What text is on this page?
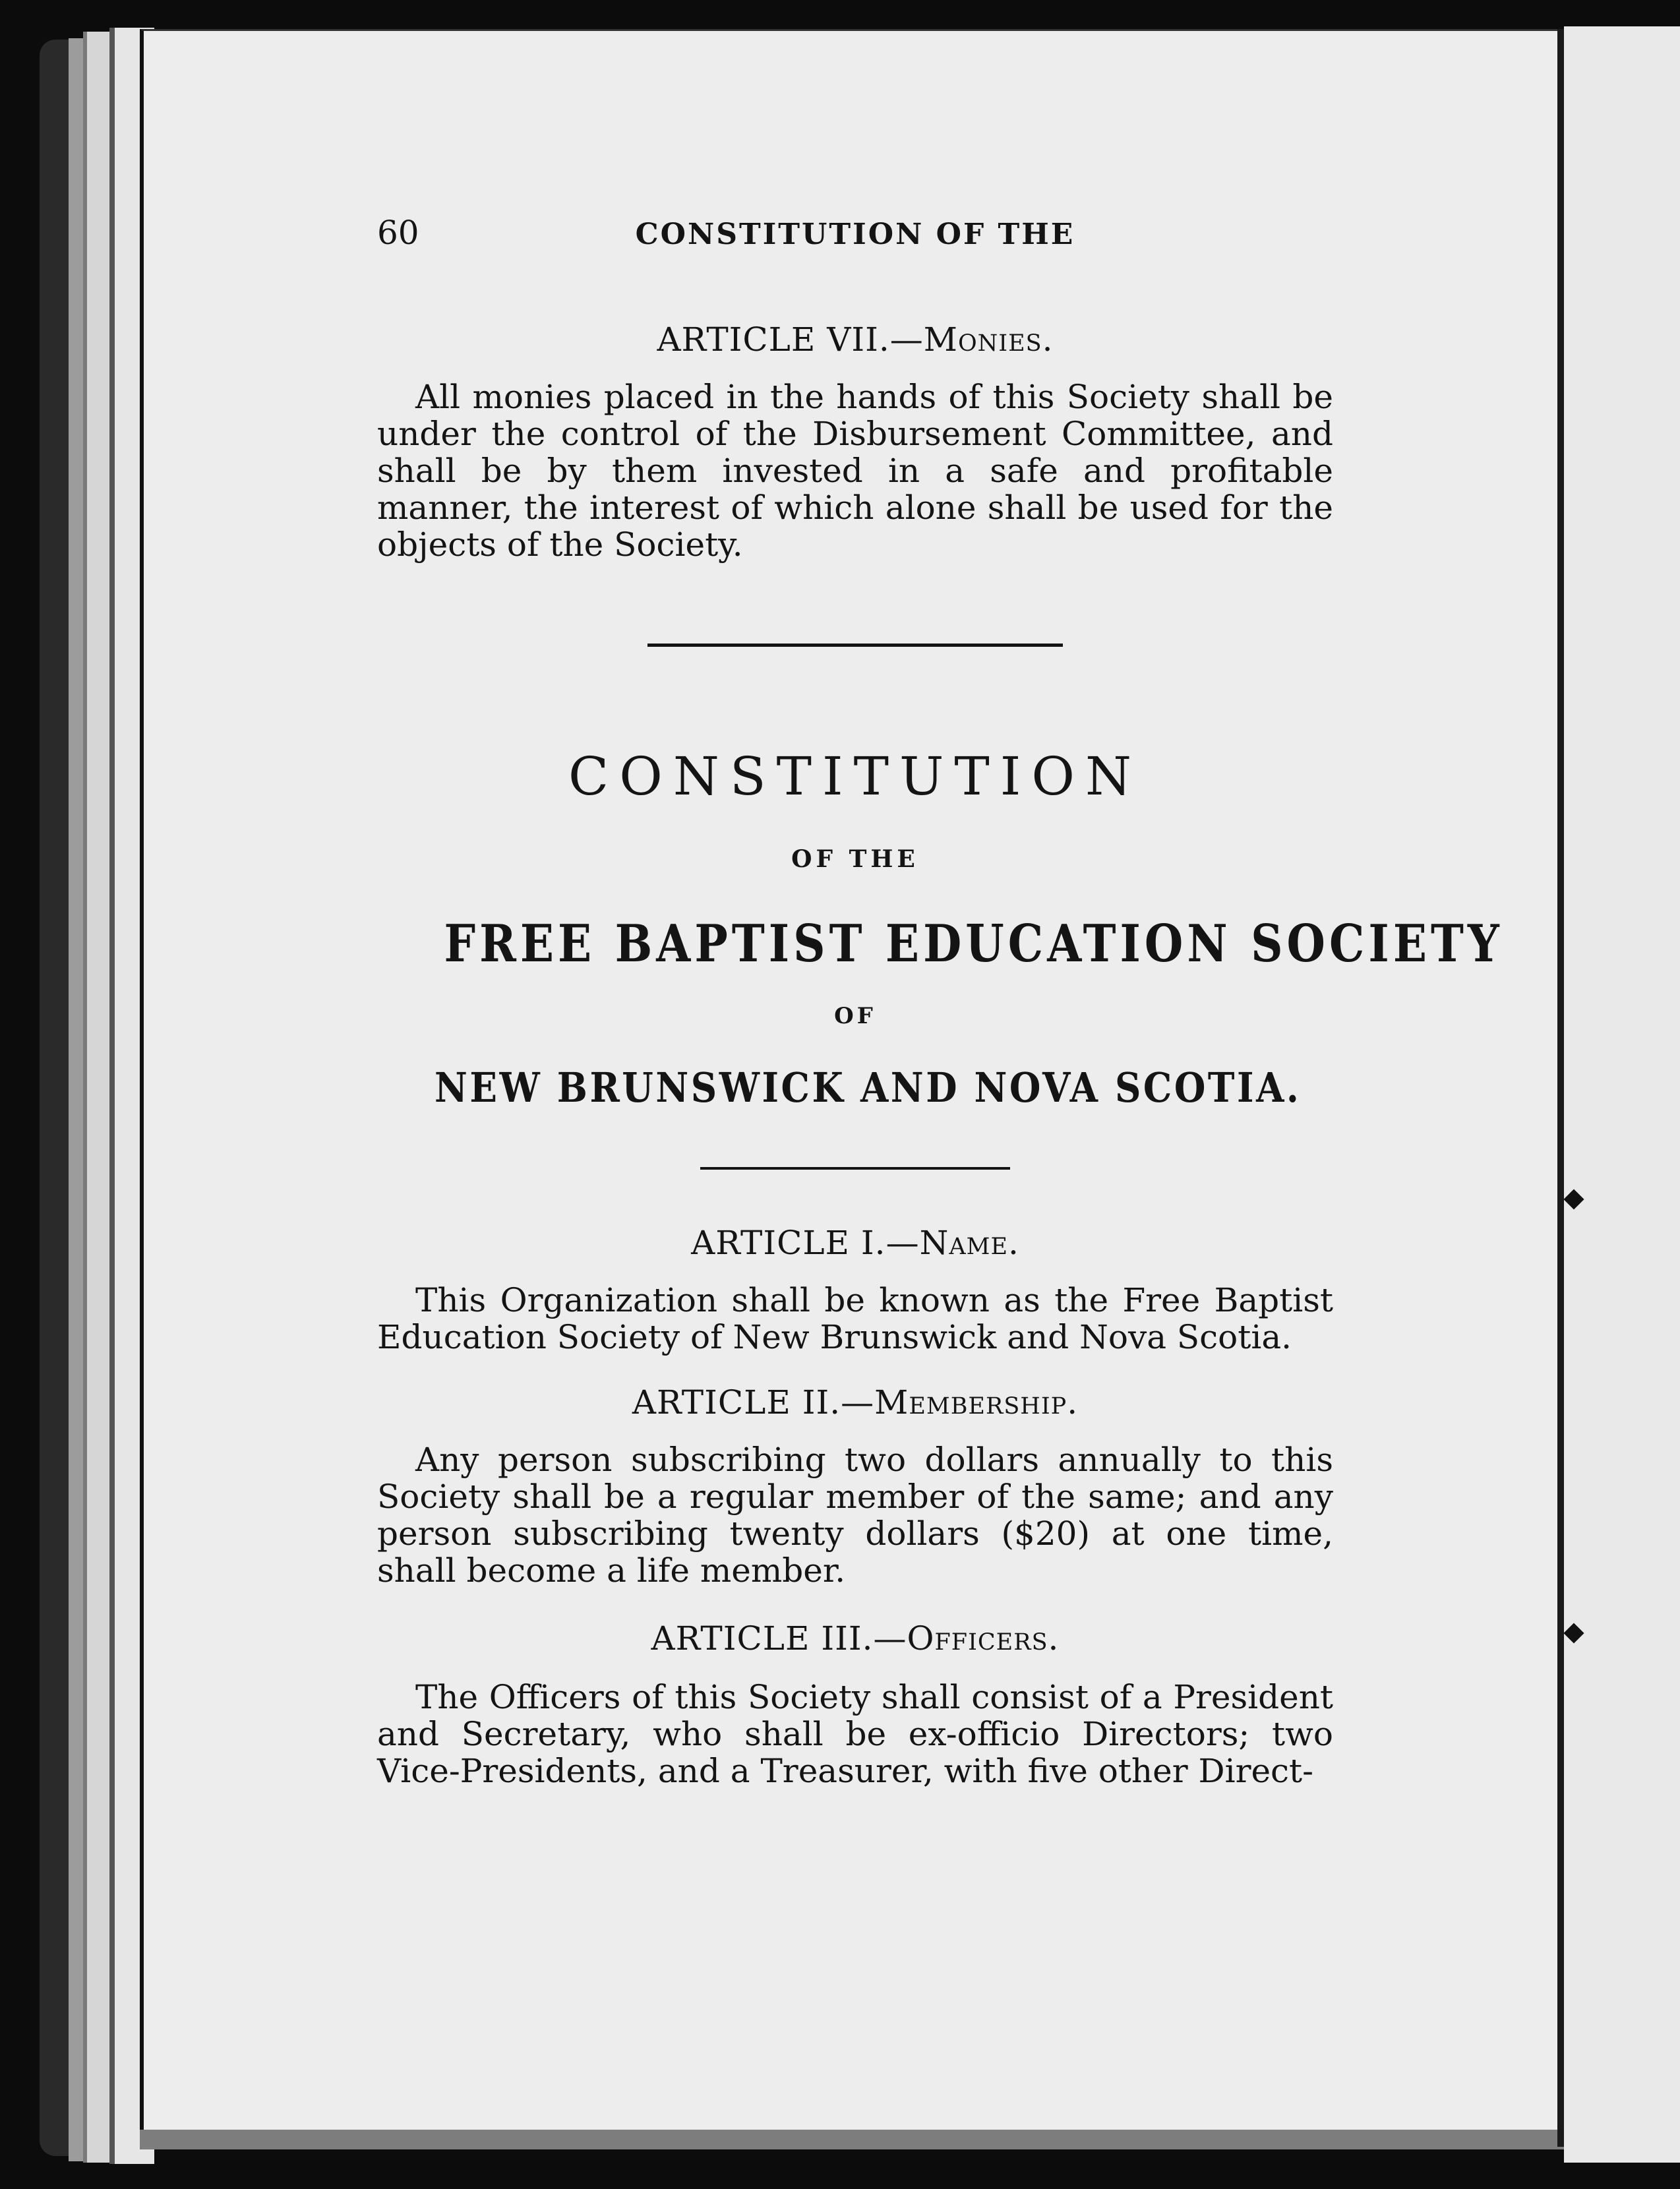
60	CONSTITUTION OF THE
ARTICLE VII.—Monies.

All monies placed in the hands of this Society shall be under the control of the Disbursement Committee, and shall be by them invested in a safe and profitable manner, the interest of which alone shall be used for the objects of the Society.

CONSTITUTION
OF THE
FREE BAPTIST EDUCATION SOCIETY
OF
NEW BRUNSWICK AND NOVA SCOTIA.
ARTICLE I.—Name.

This Organization shall be known as the Free Baptist Education Society of New Brunswick and Nova Scotia.

ARTICLE II.—Membership.

Any person subscribing two dollars annually to this Society shall be a regular member of the same; and any person subscribing twenty dollars ($20) at one time, shall become a life member.

ARTICLE III.—Officers.

The Officers of this Society shall consist of a President and Secretary, who shall be ex-officio Directors; two Vice-Presidents, and a Treasurer, with five other Direct-
